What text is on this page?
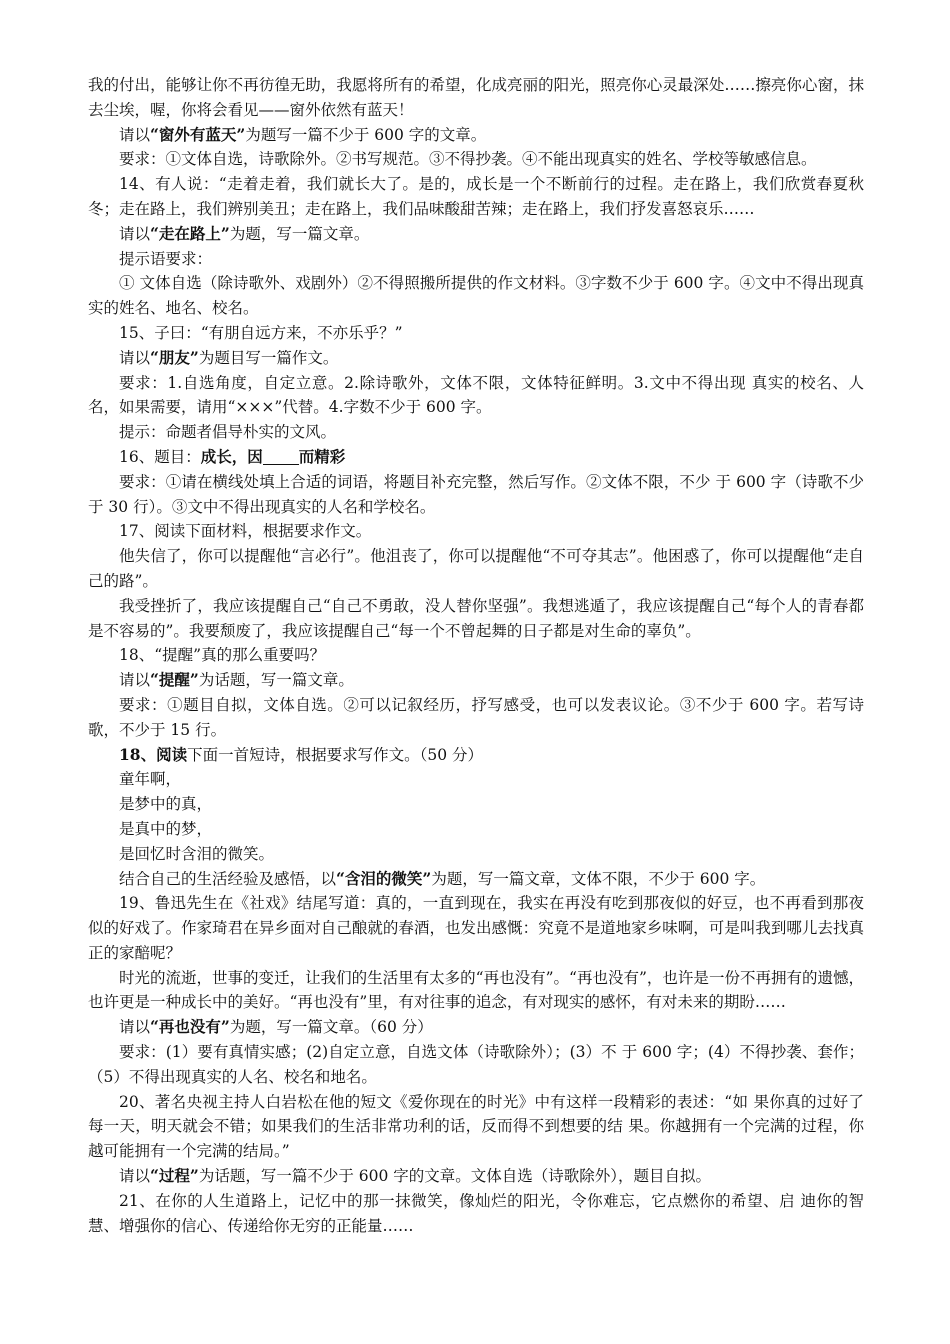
我的付出，能够让你不再彷徨无助，我愿将所有的希望，化成亮丽的阳光，照亮你心灵最深处……擦亮你心窗，抹去尘埃，喔，你将会看见——窗外依然有蓝天！

请以“窗外有蓝天”为题写一篇不少于 600 字的文章。

要求：①文体自选，诗歌除外。②书写规范。③不得抄袭。④不能出现真实的姓名、学校等敏感信息。

14、有人说：“走着走着，我们就长大了。是的，成长是一个不断前行的过程。走在路上，我们欣赏春夏秋冬；走在路上，我们辨别美丑；走在路上，我们品味酸甜苦辣；走在路上，我们抒发喜怒哀乐……

请以“走在路上”为题，写一篇文章。

提示语要求：

① 文体自选（除诗歌外、戏剧外）②不得照搬所提供的作文材料。③字数不少于 600 字。④文中不得出现真实的姓名、地名、校名。

15、子曰：“有朋自远方来，不亦乐乎？”

请以“朋友”为题目写一篇作文。

要求：1.自选角度，自定立意。2.除诗歌外，文体不限，文体特征鲜明。3.文中不得出现 真实的校名、人名，如果需要，请用“×××”代替。4.字数不少于 600 字。

提示：命题者倡导朴实的文风。

16、题目：成长，因 而精彩

要求：①请在横线处填上合适的词语，将题目补充完整，然后写作。②文体不限，不少 于 600 字（诗歌不少于 30 行）。③文中不得出现真实的人名和学校名。

17、阅读下面材料，根据要求作文。

他失信了，你可以提醒他“言必行”。他沮丧了，你可以提醒他“不可夺其志”。他困惑了，你可以提醒他“走自己的路”。

我受挫折了，我应该提醒自己“自己不勇敢，没人替你坚强”。我想逃遁了，我应该提醒自己“每个人的青春都是不容易的”。我要颓废了，我应该提醒自己“每一个不曾起舞的日子都是对生命的辜负”。

18、“提醒”真的那么重要吗？

请以“提醒”为话题，写一篇文章。

要求：①题目自拟，文体自选。②可以记叙经历，抒写感受，也可以发表议论。③不少于 600 字。若写诗歌，不少于 15 行。

18、阅读下面一首短诗，根据要求写作文。（50 分）

童年啊，

是梦中的真，

是真中的梦，

是回忆时含泪的微笑。

结合自己的生活经验及感悟，以“含泪的微笑”为题，写一篇文章，文体不限，不少于 600 字。

19、鲁迅先生在《社戏》结尾写道：真的，一直到现在，我实在再没有吃到那夜似的好豆，也不再看到那夜似的好戏了。作家琦君在异乡面对自己酿就的春酒，也发出感慨：究竟不是道地家乡味啊，可是叫我到哪儿去找真正的家醅呢？

时光的流逝，世事的变迁，让我们的生活里有太多的“再也没有”。“再也没有”，也许是一份不再拥有的遗憾，也许更是一种成长中的美好。“再也没有”里，有对往事的追念，有对现实的感怀，有对未来的期盼……

请以“再也没有”为题，写一篇文章。（60 分）

要求：(1）要有真情实感；(2)自定立意，自选文体（诗歌除外）；(3）不 于 600 字；(4）不得抄袭、套作；（5）不得出现真实的人名、校名和地名。

20、著名央视主持人白岩松在他的短文《爱你现在的时光》中有这样一段精彩的表述：“如 果你真的过好了每一天，明天就会不错；如果我们的生活非常功利的话，反而得不到想要的结 果。你越拥有一个完满的过程，你越可能拥有一个完满的结局。”

请以“过程”为话题，写一篇不少于 600 字的文章。文体自选（诗歌除外），题目自拟。

21、在你的人生道路上，记忆中的那一抹微笑，像灿烂的阳光，令你难忘，它点燃你的希望、启 迪你的智慧、增强你的信心、传递给你无穷的正能量……
